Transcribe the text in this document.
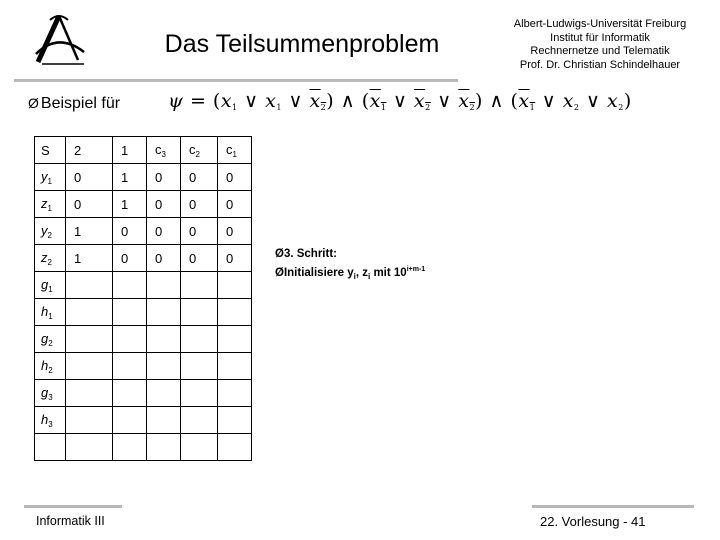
Das Teilsummenproblem
Albert-Ludwigs-Universität Freiburg
Institut für Informatik
Rechnernetze und Telematik
Prof. Dr. Christian Schindelhauer
Ø Beispiel für	$\psi = (x_1$ ∨ $x_1$ ∨ $x_2$) ∧ ($x_1$ ∨ $x_2$ ∨ $x_2$) ∧ ($x_1$ ∨ $x_2$ ∨ $x_2$)
S	2	1	$c_3$	$c_2$	$c_1$
$y_1$	0	1	0	0	0
$z_1$	0	1	0	0	0
$y_2$	1	0	0	0	0
$z_2$	1	0	0	0	0
$g_1$					
$h_1$					
$g_2$					
$h_2$					
$g_3$					
$h_3$					

Ø3. Schritt:
ØInitialisiere $y_i$, $z_i$ mit $10^{i+m-1}$
Informatik III	22. Vorlesung - 41
